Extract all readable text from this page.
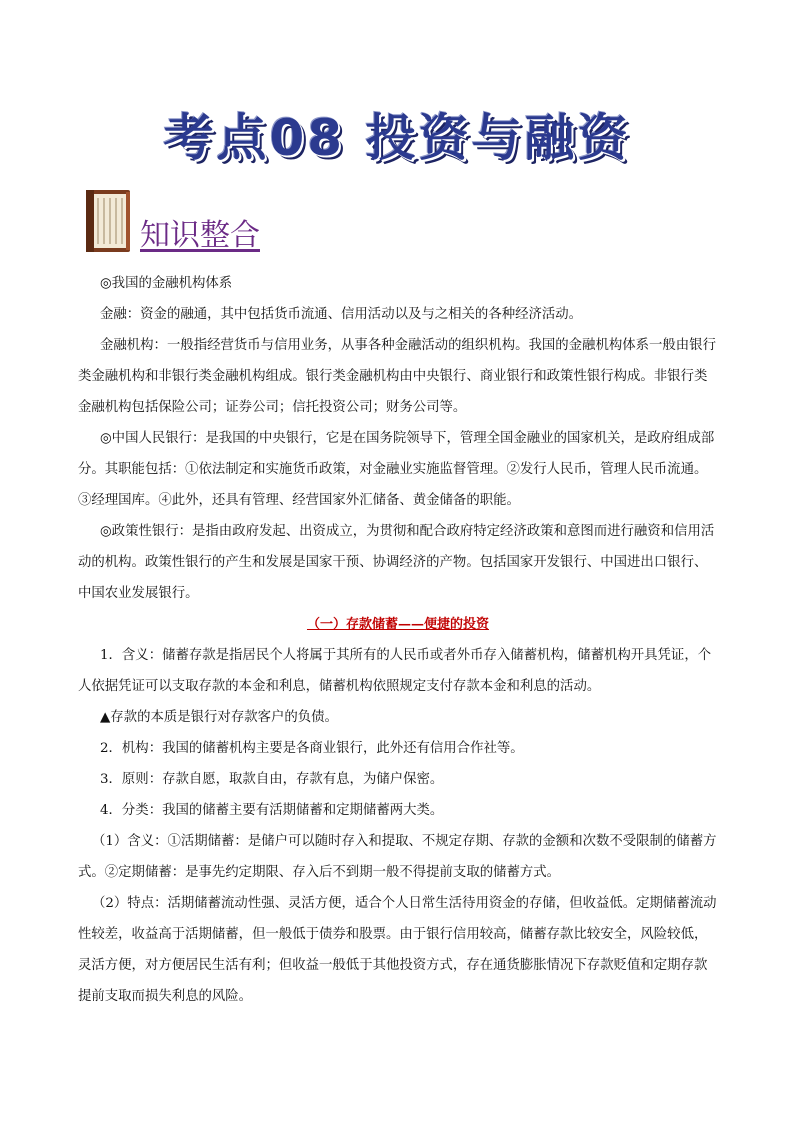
考点08 投资与融资
知识整合

◎我国的金融机构体系

金融：资金的融通，其中包括货币流通、信用活动以及与之相关的各种经济活动。

金融机构：一般指经营货币与信用业务，从事各种金融活动的组织机构。我国的金融机构体系一般由银行类金融机构和非银行类金融机构组成。银行类金融机构由中央银行、商业银行和政策性银行构成。非银行类金融机构包括保险公司；证券公司；信托投资公司；财务公司等。

◎中国人民银行：是我国的中央银行，它是在国务院领导下，管理全国金融业的国家机关，是政府组成部分。其职能包括：①依法制定和实施货币政策，对金融业实施监督管理。②发行人民币，管理人民币流通。③经理国库。④此外，还具有管理、经营国家外汇储备、黄金储备的职能。

◎政策性银行：是指由政府发起、出资成立，为贯彻和配合政府特定经济政策和意图而进行融资和信用活动的机构。政策性银行的产生和发展是国家干预、协调经济的产物。包括国家开发银行、中国进出口银行、中国农业发展银行。

（一）存款储蓄——便捷的投资

1．含义：储蓄存款是指居民个人将属于其所有的人民币或者外币存入储蓄机构，储蓄机构开具凭证，个人依据凭证可以支取存款的本金和利息，储蓄机构依照规定支付存款本金和利息的活动。

▲存款的本质是银行对存款客户的负债。

2．机构：我国的储蓄机构主要是各商业银行，此外还有信用合作社等。

3．原则：存款自愿，取款自由，存款有息，为储户保密。

4．分类：我国的储蓄主要有活期储蓄和定期储蓄两大类。

（1）含义：①活期储蓄：是储户可以随时存入和提取、不规定存期、存款的金额和次数不受限制的储蓄方式。②定期储蓄：是事先约定期限、存入后不到期一般不得提前支取的储蓄方式。

（2）特点：活期储蓄流动性强、灵活方便，适合个人日常生活待用资金的存储，但收益低。定期储蓄流动性较差，收益高于活期储蓄，但一般低于债券和股票。由于银行信用较高，储蓄存款比较安全，风险较低，灵活方便，对方便居民生活有利；但收益一般低于其他投资方式，存在通货膨胀情况下存款贬值和定期存款提前支取而损失利息的风险。
